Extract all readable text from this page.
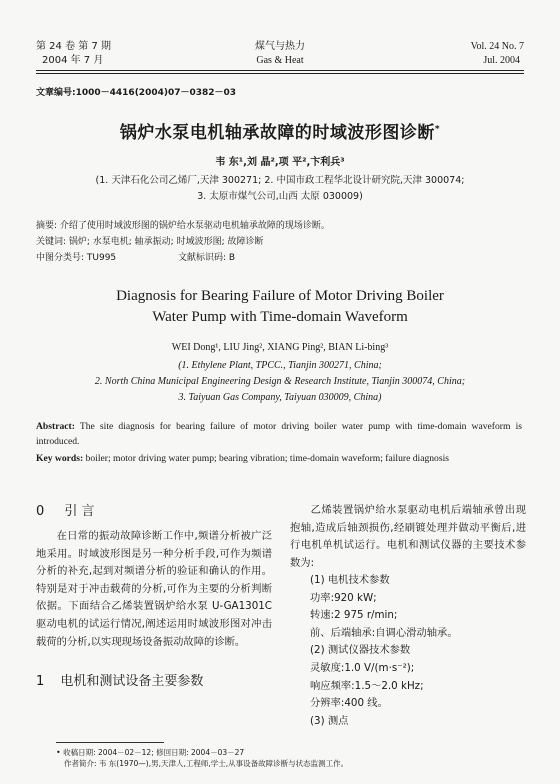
第 24 卷 第 7 期
2004 年 7 月
煤气与热力
Gas & Heat
Vol. 24 No. 7
Jul. 2004
文章编号:1000－4416(2004)07－0382－03
锅炉水泵电机轴承故障的时域波形图诊断*
韦 东¹,刘 晶²,项 平²,卞利兵³
(1. 天津石化公司乙烯厂,天津 300271; 2. 中国市政工程华北设计研究院,天津 300074;
3. 太原市煤气公司,山西 太原 030009)
摘要: 介绍了使用时域波形图的锅炉给水泵驱动电机轴承故障的现场诊断。
关键词: 锅炉; 水泵电机; 轴承振动; 时域波形图; 故障诊断
中图分类号: TU995	文献标识码: B
Diagnosis for Bearing Failure of Motor Driving Boiler
Water Pump with Time-domain Waveform
WEI Dong¹, LIU Jing², XIANG Ping², BIAN Li-bing³
(1. Ethylene Plant, TPCC., Tianjin 300271, China;
2. North China Municipal Engineering Design & Research Institute, Tianjin 300074, China;
3. Taiyuan Gas Company, Taiyuan 030009, China)
Abstract: The site diagnosis for bearing failure of motor driving boiler water pump with time-domain waveform is introduced.
Key words: boiler; motor driving water pump; bearing vibration; time-domain waveform; failure diagnosis
0 引 言
在日常的振动故障诊断工作中,频谱分析被广泛地采用。时域波形图是另一种分析手段,可作为频谱分析的补充,起到对频谱分析的验证和确认的作用。特别是对于冲击载荷的分析,可作为主要的分析判断依据。下面结合乙烯装置锅炉给水泵 U-GA1301C 驱动电机的试运行情况,阐述运用时域波形图对冲击载荷的分析,以实现现场设备振动故障的诊断。
1 电机和测试设备主要参数
乙烯装置锅炉给水泵驱动电机后端轴承曾出现抱轴,造成后轴颈损伤,经刷镀处理并做动平衡后,进行电机单机试运行。电机和测试仪器的主要技术参数为:
(1) 电机技术参数
功率:920 kW;
转速:2 975 r/min;
前、后端轴承:自调心滑动轴承。
(2) 测试仪器技术参数
灵敏度:1.0 V/(m·s⁻²);
响应频率:1.5～2.0 kHz;
分辨率:400 线。
(3) 测点
• 收稿日期: 2004－02－12; 修回日期: 2004－03－27
作者简介: 韦 东(1970—),男,天津人,工程师,学士,从事设备故障诊断与状态监测工作。
